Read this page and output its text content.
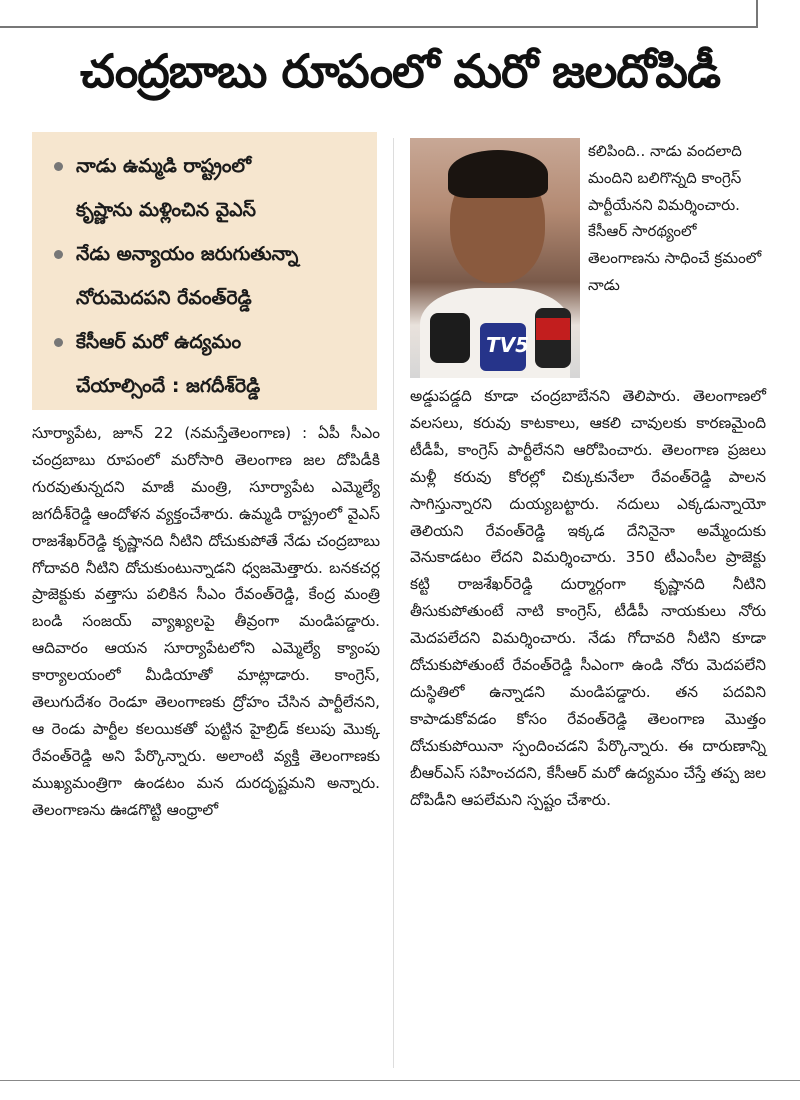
చంద్రబాబు రూపంలో మరో జలదోపిడీ
నాడు ఉమ్మడి రాష్ట్రంలో
కృష్ణాను మళ్లించిన వైఎస్
నేడు అన్యాయం జరుగుతున్నా
నోరుమెదపని రేవంత్‌రెడ్డి
కేసీఆర్ మరో ఉద్యమం
చేయాల్సిందే : జగదీశ్‌రెడ్డి
TV5

కలిపింది.. నాడు వందలాది మందిని బలిగొన్నది కాంగ్రెస్ పార్టీయేనని విమర్శించారు. కేసీఆర్ సారథ్యంలో తెలంగాణను సాధించే క్రమంలో నాడు

సూర్యాపేట, జూన్ 22 (నమస్తేతెలంగాణ) : ఏపీ సీఎం చంద్రబాబు రూపంలో మరోసారి తెలంగాణ జల దోపిడీకి గురవుతున్నదని మాజీ మంత్రి, సూర్యాపేట ఎమ్మెల్యే జగదీశ్‌రెడ్డి ఆందోళన వ్యక్తంచేశారు. ఉమ్మడి రాష్ట్రంలో వైఎస్ రాజశేఖర్‌రెడ్డి కృష్ణానది నీటిని దోచుకుపోతే నేడు చంద్రబాబు గోదావరి నీటిని దోచుకుంటున్నాడని ధ్వజమెత్తారు. బనకచర్ల ప్రాజెక్టుకు వత్తాసు పలికిన సీఎం రేవంత్‌రెడ్డి, కేంద్ర మంత్రి బండి సంజయ్ వ్యాఖ్యలపై తీవ్రంగా మండిపడ్డారు. ఆదివారం ఆయన సూర్యాపేటలోని ఎమ్మెల్యే క్యాంపు కార్యాలయంలో మీడియాతో మాట్లాడారు. కాంగ్రెస్, తెలుగుదేశం రెండూ తెలంగాణకు ద్రోహం చేసిన పార్టీలేనని, ఆ రెండు పార్టీల కలయికతో పుట్టిన హైబ్రిడ్ కలుపు మొక్క రేవంత్‌రెడ్డి అని పేర్కొన్నారు. అలాంటి వ్యక్తి తెలంగాణకు ముఖ్యమంత్రిగా ఉండటం మన దురదృష్టమని అన్నారు. తెలంగాణను ఊడగొట్టి ఆంధ్రాలో

అడ్డుపడ్డది కూడా చంద్రబాబేనని తెలిపారు. తెలంగాణలో వలసలు, కరువు కాటకాలు, ఆకలి చావులకు కారణమైంది టీడీపీ, కాంగ్రెస్ పార్టీలేనని ఆరోపించారు. తెలంగాణ ప్రజలు మళ్లీ కరువు కోరల్లో చిక్కుకునేలా రేవంత్‌రెడ్డి పాలన సాగిస్తున్నారని దుయ్యబట్టారు. నదులు ఎక్కడున్నాయో తెలియని రేవంత్‌రెడ్డి ఇక్కడ దేనినైనా అమ్మేందుకు వెనుకాడటం లేదని విమర్శించారు. 350 టీఎంసీల ప్రాజెక్టు కట్టి రాజశేఖర్‌రెడ్డి దుర్మార్గంగా కృష్ణానది నీటిని తీసుకుపోతుంటే నాటి కాంగ్రెస్, టీడీపీ నాయకులు నోరు మెదపలేదని విమర్శించారు. నేడు గోదావరి నీటిని కూడా దోచుకుపోతుంటే రేవంత్‌రెడ్డి సీఎంగా ఉండి నోరు మెదపలేని దుస్థితిలో ఉన్నాడని మండిపడ్డారు. తన పదవిని కాపాడుకోవడం కోసం రేవంత్‌రెడ్డి తెలంగాణ మొత్తం దోచుకుపోయినా స్పందించడని పేర్కొన్నారు. ఈ దారుణాన్ని బీఆర్ఎస్ సహించదని, కేసీఆర్ మరో ఉద్యమం చేస్తే తప్ప జల దోపిడీని ఆపలేమని స్పష్టం చేశారు.
